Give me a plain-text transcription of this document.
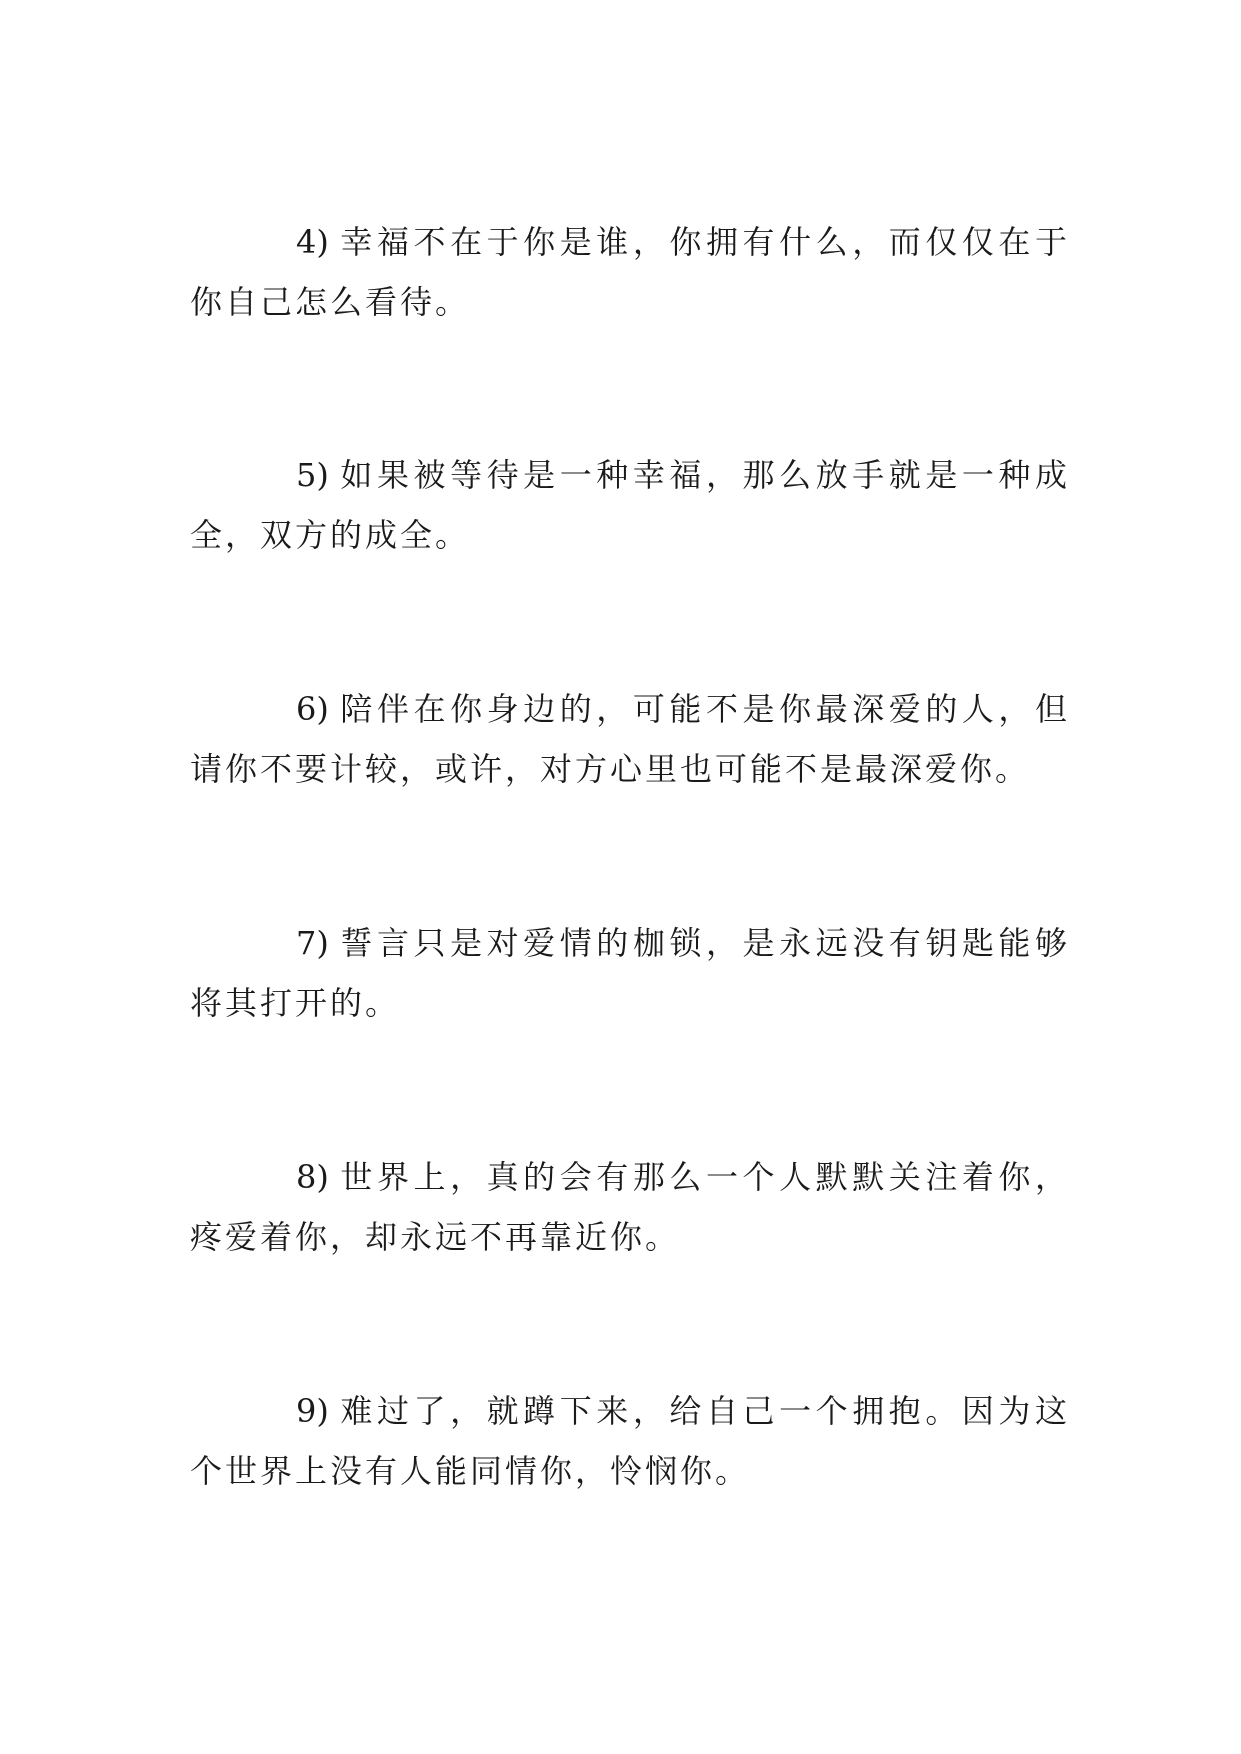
4) 幸福不在于你是谁，你拥有什么，而仅仅在于你自己怎么看待。

5) 如果被等待是一种幸福，那么放手就是一种成全，双方的成全。

6) 陪伴在你身边的，可能不是你最深爱的人，但请你不要计较，或许，对方心里也可能不是最深爱你。

7) 誓言只是对爱情的枷锁，是永远没有钥匙能够将其打开的。

8) 世界上，真的会有那么一个人默默关注着你，疼爱着你，却永远不再靠近你。

9) 难过了，就蹲下来，给自己一个拥抱。因为这个世界上没有人能同情你，怜悯你。
